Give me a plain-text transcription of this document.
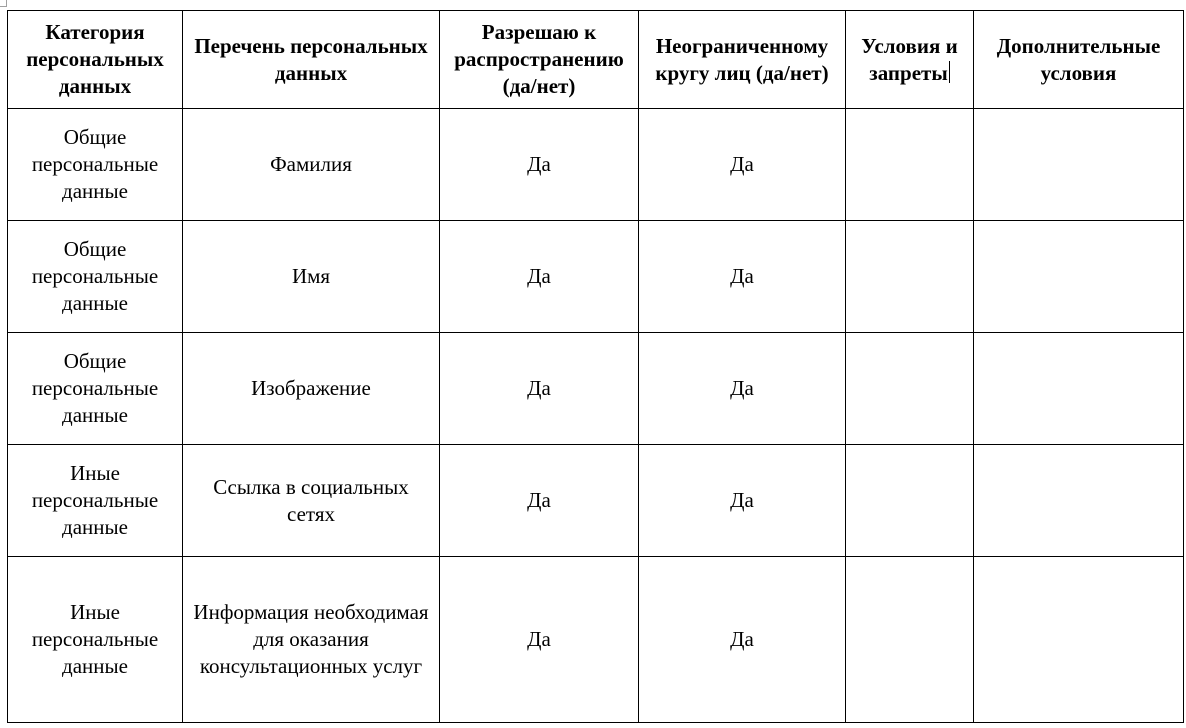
Категория персональных данных	Перечень персональных данных	Разрешаю к распространению (да/нет)	Неограниченному кругу лиц (да/нет)	Условия и запреты	Дополнительные условия
Общие персональные данные	Фамилия	Да	Да		
Общие персональные данные	Имя	Да	Да		
Общие персональные данные	Изображение	Да	Да		
Иные персональные данные	Ссылка в социальных сетях	Да	Да		
Иные персональные данные	Информация необходимая для оказания консультационных услуг	Да	Да		
